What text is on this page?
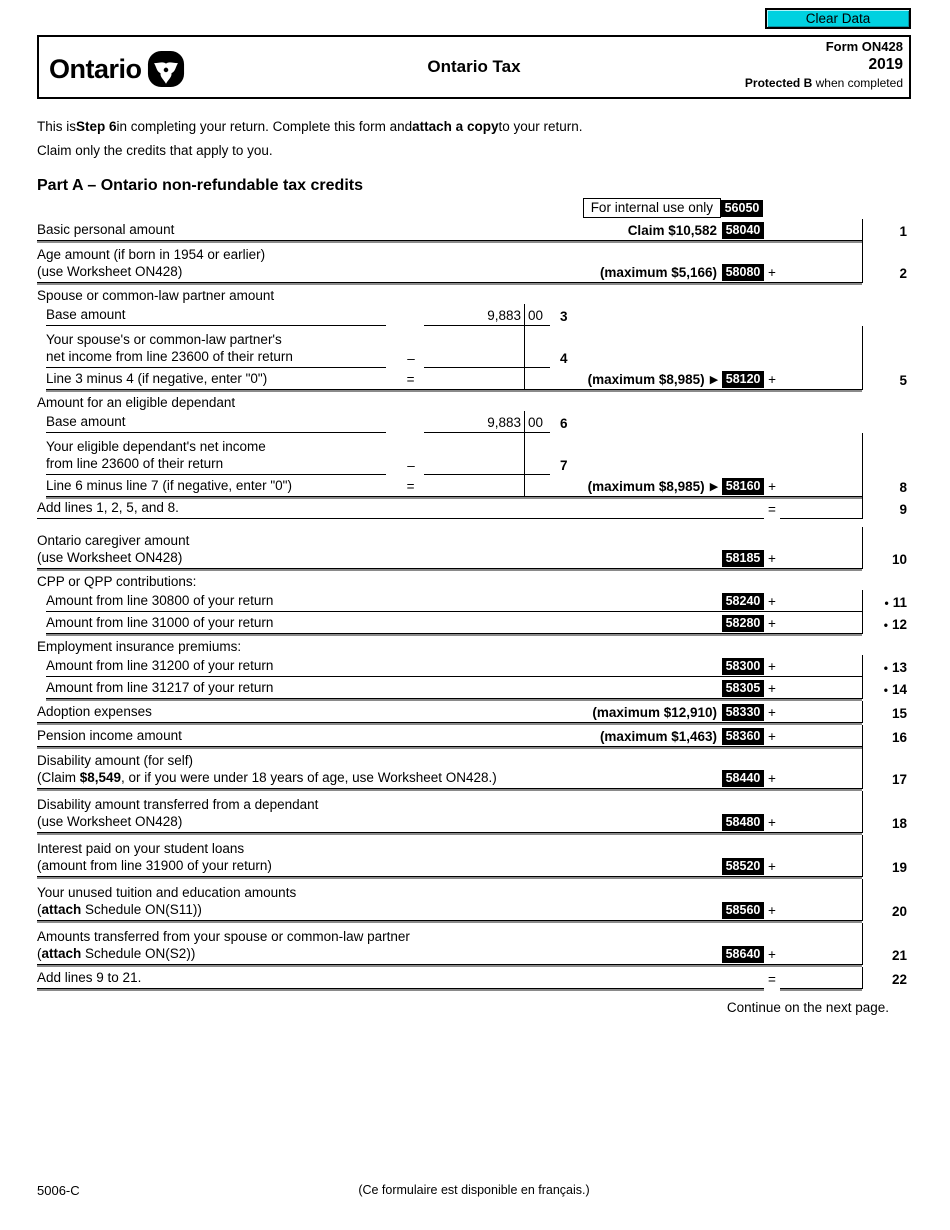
Clear Data
Ontario	Ontario Tax
Form ON428
2019
Protected B when completed
This is Step 6 in completing your return. Complete this form and attach a copy to your return.
Claim only the credits that apply to you.
Part A – Ontario non-refundable tax credits
For internal use only 56050
Basic personal amount	Claim $10,582 58040	1
Age amount (if born in 1954 or earlier)
(use Worksheet ON428)	(maximum $5,166) 58080 +	2
Spouse or common-law partner amount
Base amount	9,883 00	3
Your spouse's or common-law partner's
net income from line 23600 of their return	–	4
Line 3 minus 4 (if negative, enter "0")	=	(maximum $8,985) ▶ 58120 +	5
Amount for an eligible dependant
Base amount	9,883 00	6
Your eligible dependant's net income
from line 23600 of their return	–	7
Line 6 minus line 7 (if negative, enter "0")	=	(maximum $8,985) ▶ 58160 +	8
Add lines 1, 2, 5, and 8.	=	9
Ontario caregiver amount
(use Worksheet ON428)	58185 +	10
CPP or QPP contributions:
Amount from line 30800 of your return	58240 +	• 11
Amount from line 31000 of your return	58280 +	• 12
Employment insurance premiums:
Amount from line 31200 of your return	58300 +	• 13
Amount from line 31217 of your return	58305 +	• 14
Adoption expenses	(maximum $12,910) 58330 +	15
Pension income amount	(maximum $1,463) 58360 +	16
Disability amount (for self)
(Claim $8,549, or if you were under 18 years of age, use Worksheet ON428.)	58440 +	17
Disability amount transferred from a dependant
(use Worksheet ON428)	58480 +	18
Interest paid on your student loans
(amount from line 31900 of your return)	58520 +	19
Your unused tuition and education amounts
(attach Schedule ON(S11))	58560 +	20
Amounts transferred from your spouse or common-law partner
(attach Schedule ON(S2))	58640 +	21
Add lines 9 to 21.	=	22
Continue on the next page.
(Ce formulaire est disponible en français.)
5006-C
